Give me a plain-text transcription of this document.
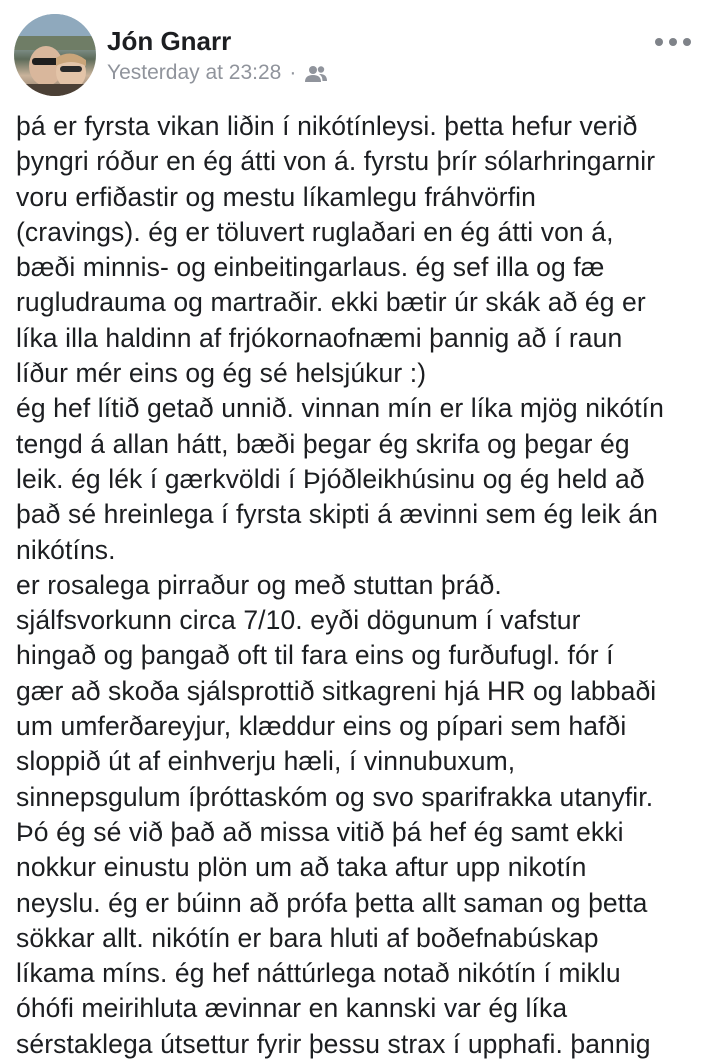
Jón Gnarr
Yesterday at 23:28 ·
þá er fyrsta vikan liðin í nikótínleysi. þetta hefur verið
þyngri róður en ég átti von á. fyrstu þrír sólarhringarnir
voru erfiðastir og mestu líkamlegu fráhvörfin
(cravings). ég er töluvert ruglaðari en ég átti von á,
bæði minnis- og einbeitingarlaus. ég sef illa og fæ
rugludrauma og martraðir. ekki bætir úr skák að ég er
líka illa haldinn af frjókornaofnæmi þannig að í raun
líður mér eins og ég sé helsjúkur :)
ég hef lítið getað unnið. vinnan mín er líka mjög nikótín
tengd á allan hátt, bæði þegar ég skrifa og þegar ég
leik. ég lék í gærkvöldi í Þjóðleikhúsinu og ég held að
það sé hreinlega í fyrsta skipti á ævinni sem ég leik án
nikótíns.
er rosalega pirraður og með stuttan þráð.
sjálfsvorkunn circa 7/10. eyði dögunum í vafstur
hingað og þangað oft til fara eins og furðufugl. fór í
gær að skoða sjálsprottið sitkagreni hjá HR og labbaði
um umferðareyjur, klæddur eins og pípari sem hafði
sloppið út af einhverju hæli, í vinnubuxum,
sinnepsgulum íþróttaskóm og svo sparifrakka utanyfir.
Þó ég sé við það að missa vitið þá hef ég samt ekki
nokkur einustu plön um að taka aftur upp nikotín
neyslu. ég er búinn að prófa þetta allt saman og þetta
sökkar allt. nikótín er bara hluti af boðefnabúskap
líkama míns. ég hef náttúrlega notað nikótín í miklu
óhófi meirihluta ævinnar en kannski var ég líka
sérstaklega útsettur fyrir þessu strax í upphafi. þannig
